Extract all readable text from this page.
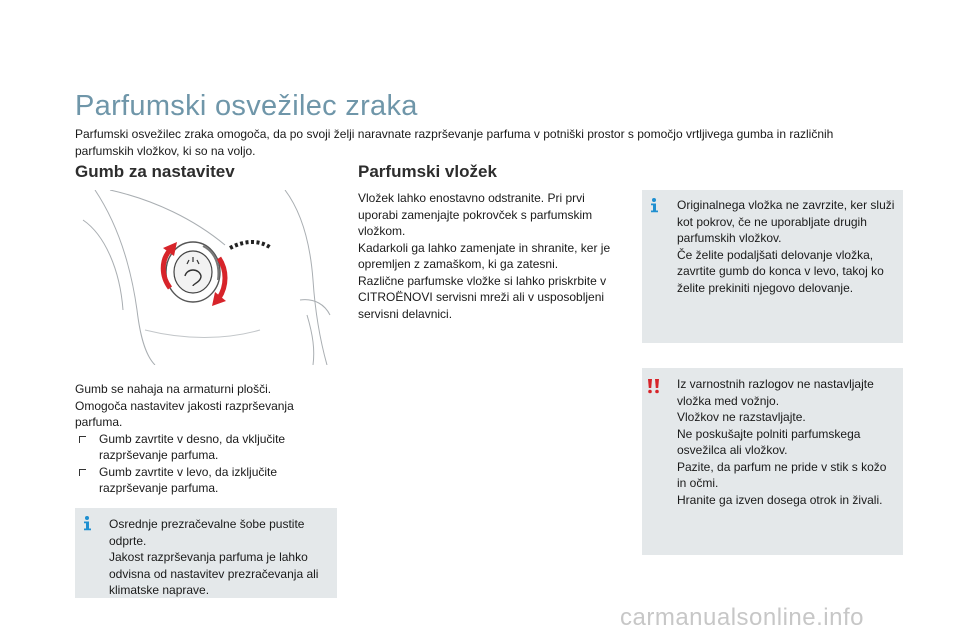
Parfumski osvežilec zraka

Parfumski osvežilec zraka omogoča, da po svoji želji naravnate razprševanje parfuma v potniški prostor s pomočjo vrtljivega gumba in različnih parfumskih vložkov, ki so na voljo.

Gumb za nastavitev

Gumb se nahaja na armaturni plošči.

Omogoča nastavitev jakosti razprševanja parfuma.

Gumb zavrtite v desno, da vključite razprševanje parfuma.
Gumb zavrtite v levo, da izključite razprševanje parfuma.

Osrednje prezračevalne šobe pustite odprte.

Jakost razprševanja parfuma je lahko odvisna od nastavitev prezračevanja ali klimatske naprave.

Parfumski vložek

Vložek lahko enostavno odstranite. Pri prvi uporabi zamenjajte pokrovček s parfumskim vložkom.

Kadarkoli ga lahko zamenjate in shranite, ker je opremljen z zamaškom, ki ga zatesni.

Različne parfumske vložke si lahko priskrbite v CITROËNOVI servisni mreži ali v usposobljeni servisni delavnici.

Originalnega vložka ne zavrzite, ker služi kot pokrov, če ne uporabljate drugih parfumskih vložkov.

Če želite podaljšati delovanje vložka, zavrtite gumb do konca v levo, takoj ko želite prekiniti njegovo delovanje.

Iz varnostnih razlogov ne nastavljajte vložka med vožnjo.

Vložkov ne razstavljajte.

Ne poskušajte polniti parfumskega osvežilca ali vložkov.

Pazite, da parfum ne pride v stik s kožo in očmi.

Hranite ga izven dosega otrok in živali.

carmanualsonline.info
